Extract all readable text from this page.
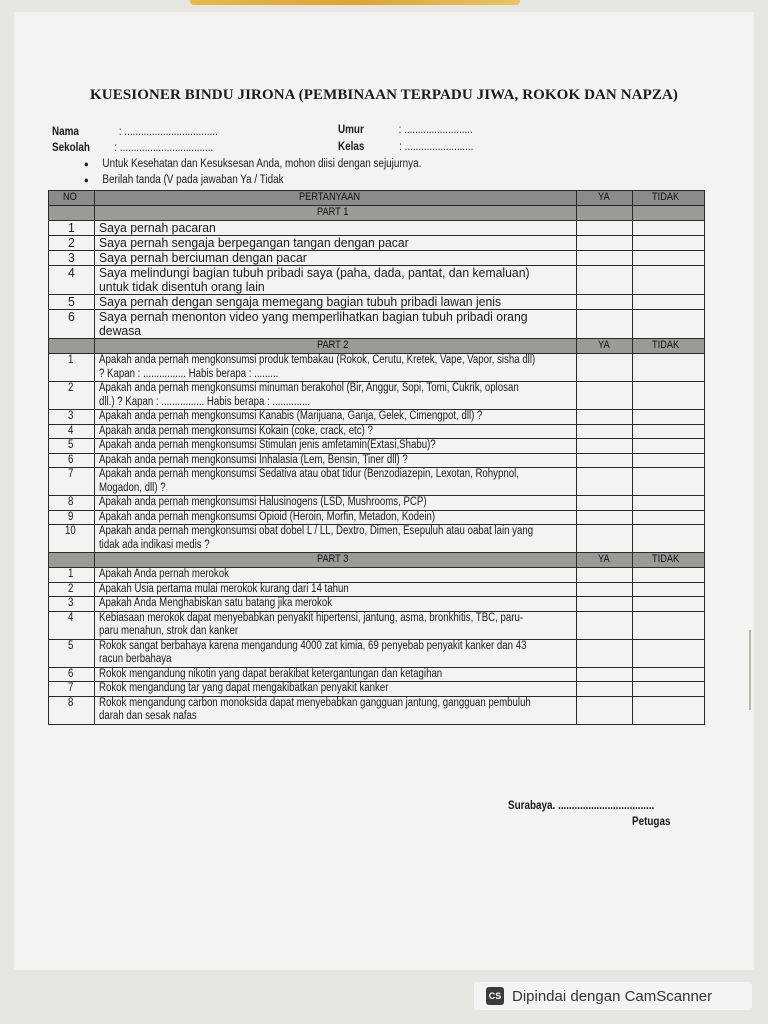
KUESIONER BINDU JIRONA (PEMBINAAN TERPADU JIWA, ROKOK DAN NAPZA)
Nama	: ..................................
Sekolah : ..................................
Umur	: .........................
Kelas	: .........................
● Untuk Kesehatan dan Kesuksesan Anda, mohon diisi dengan sejujurnya.
● Berilah tanda (V pada jawaban Ya / Tidak
NO	PERTANYAAN	YA	TIDAK
	PART 1		
1	Saya pernah pacaran		
2	Saya pernah sengaja berpegangan tangan dengan pacar		
3	Saya pernah berciuman dengan pacar		
4	Saya melindungi bagian tubuh pribadi saya (paha, dada, pantat, dan kemaluan)
untuk tidak disentuh orang lain		
5	Saya pernah dengan sengaja memegang bagian tubuh pribadi lawan jenis		
6	Saya pernah menonton video yang memperlihatkan bagian tubuh pribadi orang
dewasa		
	PART 2	YA	TIDAK
1	Apakah anda pernah mengkonsumsi produk tembakau (Rokok, Cerutu, Kretek, Vape, Vapor, sisha dll)
? Kapan : ................ Habis berapa : .........		
2	Apakah anda pernah mengkonsumsi minuman berakohol (Bir, Anggur, Sopi, Tomi, Cukrik, oplosan
dll.) ? Kapan : ................ Habis berapa : ..............		
3	Apakah anda pernah mengkonsumsi Kanabis (Marijuana, Ganja, Gelek, Cimengpot, dll) ?		
4	Apakah anda pernah mengkonsumsi Kokain (coke, crack, etc) ?		
5	Apakah anda pernah mengkonsumsi Stimulan jenis amfetamin(Extasi,Shabu)?		
6	Apakah anda pernah mengkonsumsi Inhalasia (Lem, Bensin, Tiner dll) ?		
7	Apakah anda pernah mengkonsumsi Sedativa atau obat tidur (Benzodiazepin, Lexotan, Rohypnol,
Mogadon, dll) ?		
8	Apakah anda pernah mengkonsumsi Halusinogens (LSD, Mushrooms, PCP)		
9	Apakah anda pernah mengkonsumsi Opioid (Heroin, Morfin, Metadon, Kodein)		
10	Apakah anda pernah mengkonsumsi obat dobel L / LL, Dextro, Dimen, Esepuluh atau oabat lain yang
tidak ada indikasi medis ?		
	PART 3	YA	TIDAK
1	Apakah Anda pernah merokok		
2	Apakah Usia pertama mulai merokok kurang dari 14 tahun		
3	Apakah Anda Menghabiskan satu batang jika merokok		
4	Kebiasaan merokok dapat menyebabkan penyakit hipertensi, jantung, asma, bronkhitis, TBC, paru-
paru menahun, strok dan kanker		
5	Rokok sangat berbahaya karena mengandung 4000 zat kimia, 69 penyebab penyakit kanker dan 43
racun berbahaya		
6	Rokok mengandung nikotin yang dapat berakibat ketergantungan dan ketagihan		
7	Rokok mengandung tar yang dapat mengakibatkan penyakit kanker		
8	Rokok mengandung carbon monoksida dapat menyebabkan gangguan jantung, gangguan pembuluh
darah dan sesak nafas		
Surabaya. ...................................
Petugas
CS Dipindai dengan CamScanner
